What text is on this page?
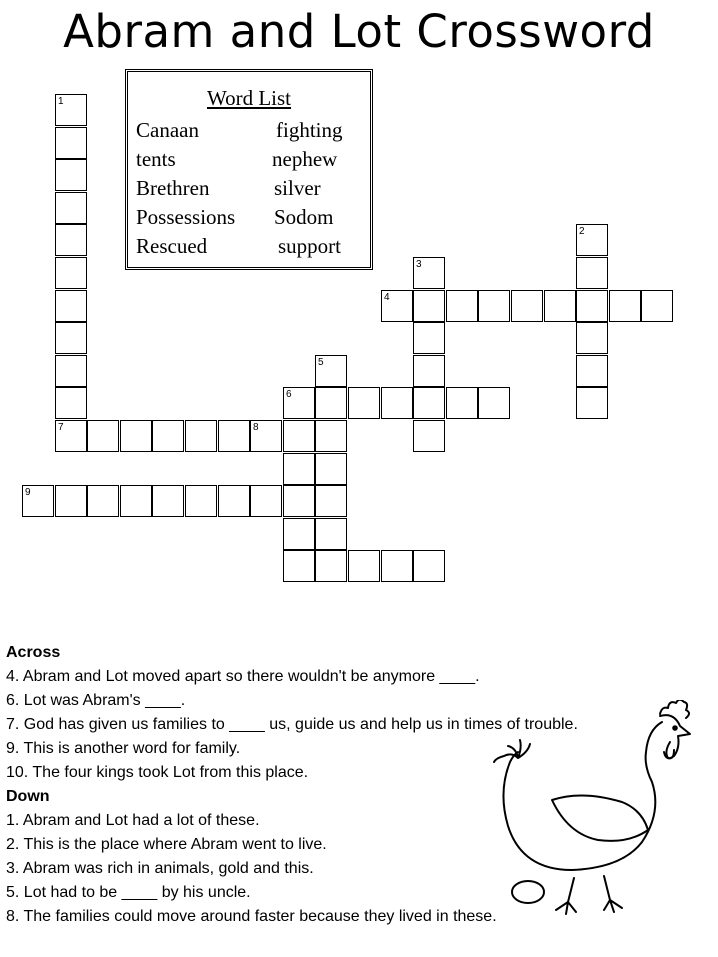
Abram and Lot Crossword
Word List
Canaan
tents
Brethren
Possessions
Rescued
fighting
nephew
silver
Sodom
support
1
7	8
9
5
6
3
4
2
Across
4. Abram and Lot moved apart so there wouldn't be anymore ____.
6. Lot was Abram's ____.
7. God has given us families to ____ us, guide us and help us in times of trouble.
9. This is another word for family.
10. The four kings took Lot from this place.
Down
1. Abram and Lot had a lot of these.
2. This is the place where Abram went to live.
3. Abram was rich in animals, gold and this.
5. Lot had to be ____ by his uncle.
8. The families could move around faster because they lived in these.
